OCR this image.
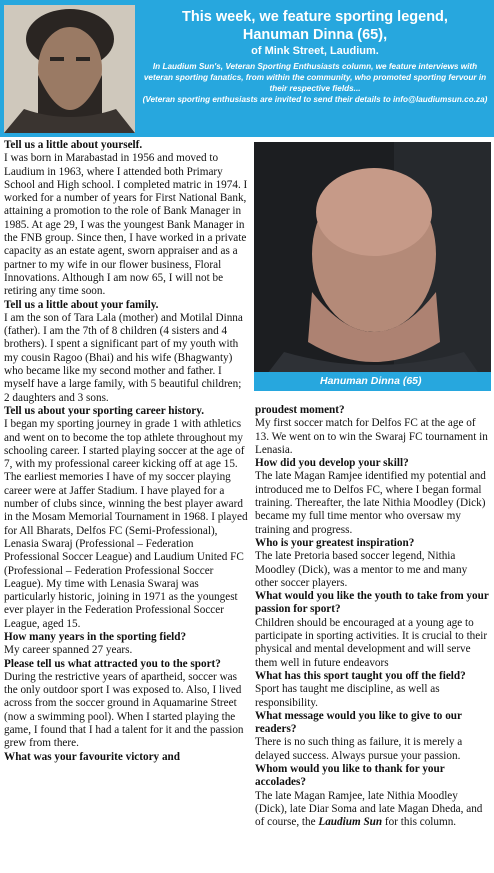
This week, we feature sporting legend,
Hanuman Dinna (65),
of Mink Street, Laudium.
In Laudium Sun's, Veteran Sporting Enthusiasts column, we feature interviews with veteran sporting fanatics, from within the community, who promoted sporting fervour in their respective fields...
(Veteran sporting enthusiasts are invited to send their details to info@laudiumsun.co.za)

Tell us a little about yourself.

I was born in Marabastad in 1956 and moved to Laudium in 1963, where I attended both Primary School and High school. I completed matric in 1974. I worked for a number of years for First National Bank, attaining a promotion to the role of Bank Manager in 1985. At age 29, I was the youngest Bank Manager in the FNB group. Since then, I have worked in a private capacity as an estate agent, sworn appraiser and as a partner to my wife in our flower business, Floral Innovations. Although I am now 65, I will not be retiring any time soon.

Tell us a little about your family.

I am the son of Tara Lala (mother) and Motilal Dinna (father). I am the 7th of 8 children (4 sisters and 4 brothers). I spent a significant part of my youth with my cousin Ragoo (Bhai) and his wife (Bhagwanty) who became like my second mother and father. I myself have a large family, with 5 beautiful children; 2 daughters and 3 sons.

Tell us about your sporting career history.

I began my sporting journey in grade 1 with athletics and went on to become the top athlete throughout my schooling career. I started playing soccer at the age of 7, with my professional career kicking off at age 15. The earliest memories I have of my soccer playing career were at Jaffer Stadium. I have played for a number of clubs since, winning the best player award in the Mosam Memorial Tournament in 1968. I played for All Bharats, Delfos FC (Semi-Professional), Lenasia Swaraj (Professional – Federation Professional Soccer League) and Laudium United FC (Professional – Federation Professional Soccer League). My time with Lenasia Swaraj was particularly historic, joining in 1971 as the youngest ever player in the Federation Professional Soccer League, aged 15.

How many years in the sporting field?

My career spanned 27 years.

Please tell us what attracted you to the sport?

During the restrictive years of apartheid, soccer was the only outdoor sport I was exposed to. Also, I lived across from the soccer ground in Aquamarine Street (now a swimming pool). When I started playing the game, I found that I had a talent for it and the passion grew from there.

What was your favourite victory and

Hanuman Dinna (65)

proudest moment?

My first soccer match for Delfos FC at the age of 13. We went on to win the Swaraj FC tournament in Lenasia.

How did you develop your skill?

The late Magan Ramjee identified my potential and introduced me to Delfos FC, where I began formal training. Thereafter, the late Nithia Moodley (Dick) became my full time mentor who oversaw my training and progress.

Who is your greatest inspiration?

The late Pretoria based soccer legend, Nithia Moodley (Dick), was a mentor to me and many other soccer players.

What would you like the youth to take from your passion for sport?

Children should be encouraged at a young age to participate in sporting activities. It is crucial to their physical and mental development and will serve them well in future endeavors

What has this sport taught you off the field?

Sport has taught me discipline, as well as responsibility.

What message would you like to give to our readers?

There is no such thing as failure, it is merely a delayed success. Always pursue your passion.

Whom would you like to thank for your accolades?

The late Magan Ramjee, late Nithia Moodley (Dick), late Diar Soma and late Magan Dheda, and of course, the Laudium Sun for this column.
